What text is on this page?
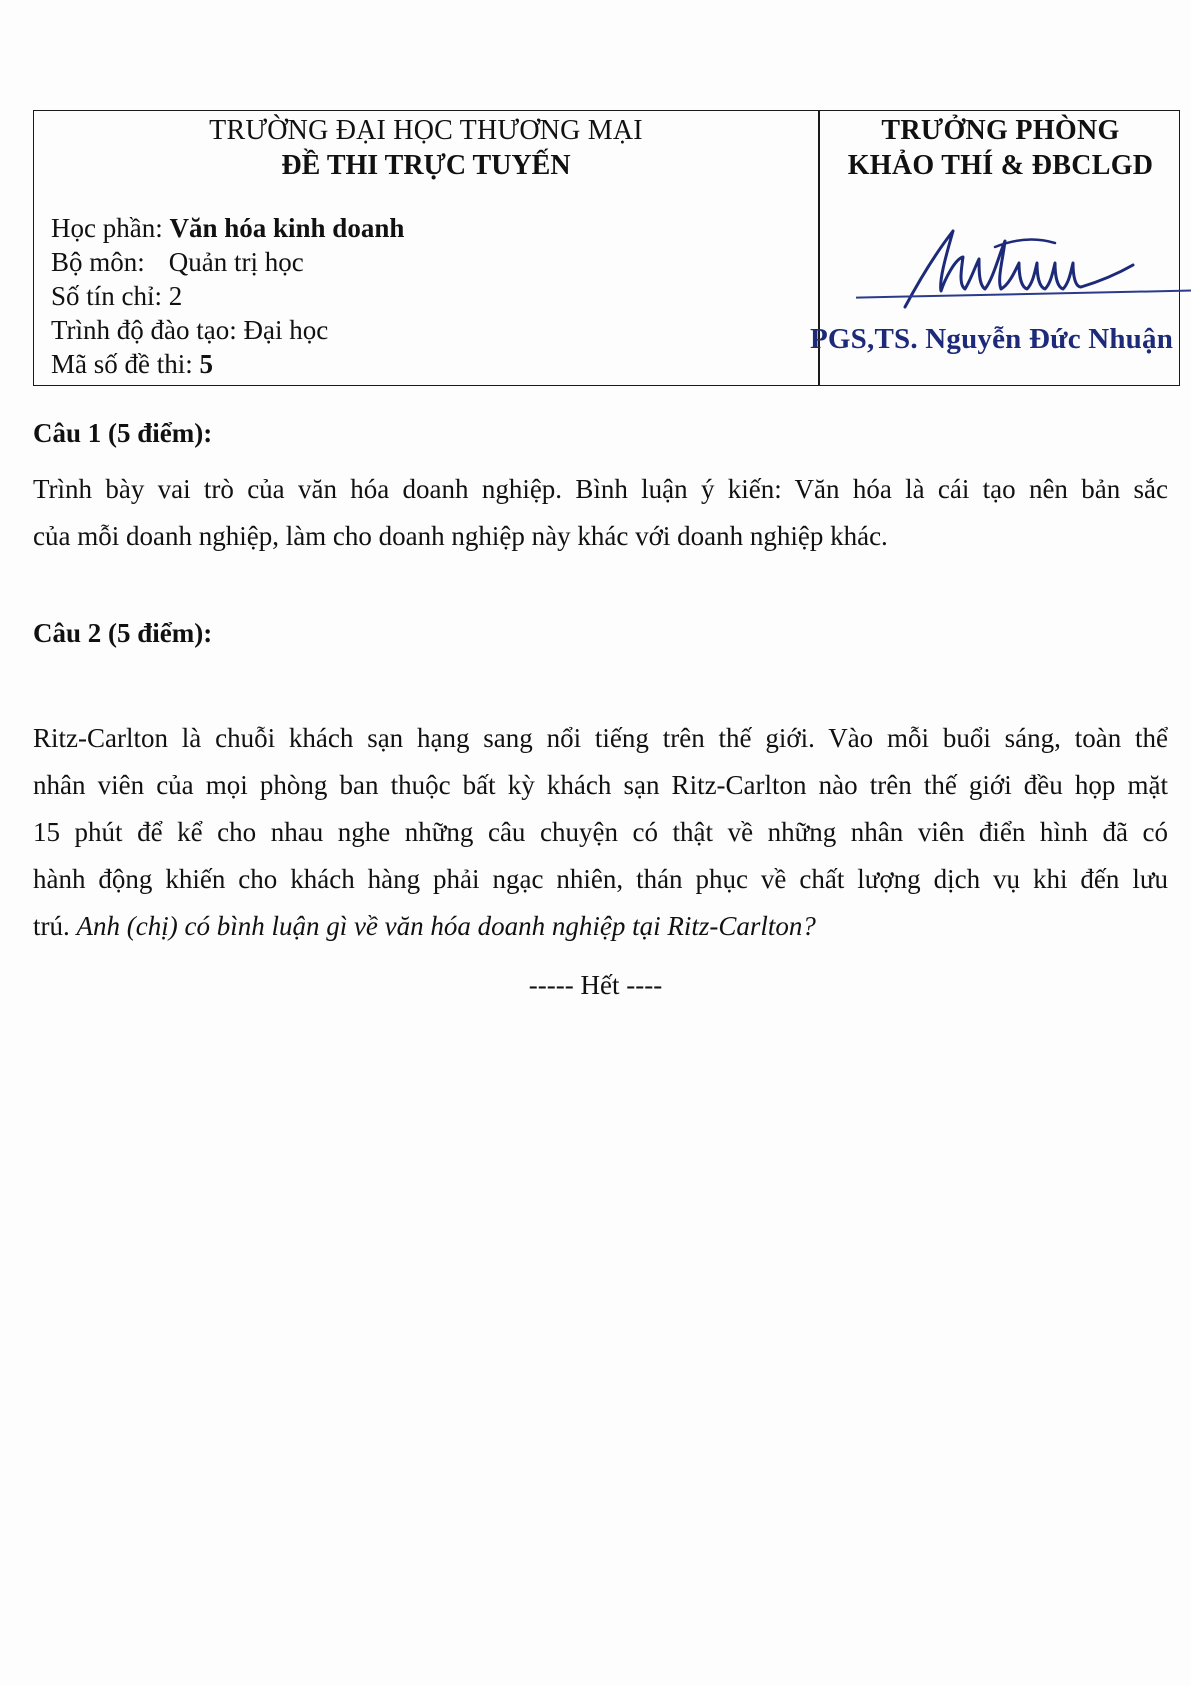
TRƯỜNG ĐẠI HỌC THƯƠNG MẠI
ĐỀ THI TRỰC TUYẾN
Học phần: Văn hóa kinh doanh
Bộ môn: Quản trị học
Số tín chỉ: 2
Trình độ đào tạo: Đại học
Mã số đề thi: 5
TRƯỞNG PHÒNG
KHẢO THÍ & ĐBCLGD
PGS,TS. Nguyễn Đức Nhuận
Câu 1 (5 điểm):
Trình bày vai trò của văn hóa doanh nghiệp. Bình luận ý kiến: Văn hóa là cái tạo nên bản sắc
của mỗi doanh nghiệp, làm cho doanh nghiệp này khác với doanh nghiệp khác.
Câu 2 (5 điểm):
Ritz-Carlton là chuỗi khách sạn hạng sang nổi tiếng trên thế giới. Vào mỗi buổi sáng, toàn thể
nhân viên của mọi phòng ban thuộc bất kỳ khách sạn Ritz-Carlton nào trên thế giới đều họp mặt
15 phút để kể cho nhau nghe những câu chuyện có thật về những nhân viên điển hình đã có
hành động khiến cho khách hàng phải ngạc nhiên, thán phục về chất lượng dịch vụ khi đến lưu
trú. Anh (chị) có bình luận gì về văn hóa doanh nghiệp tại Ritz-Carlton?
----- Hết ----
